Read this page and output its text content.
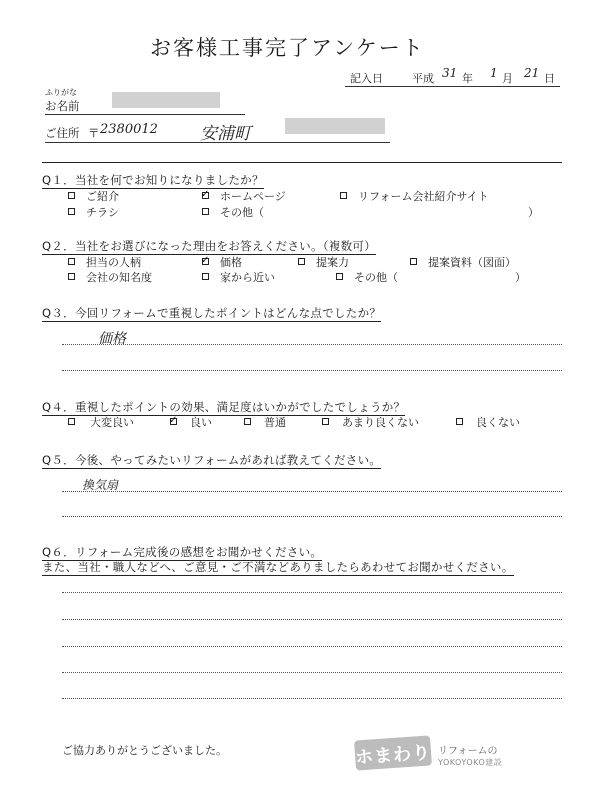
お客様工事完了アンケート
記入日	平成 31 年 1 月 21 日
ふりがな
お名前
ご住所 〒 2380012 安浦町
Q１．当社を何でお知りになりましたか？
ご紹介	✓ ホームページ	リフォーム会社紹介サイト
チラシ	その他（	）
Q２．当社をお選びになった理由をお答えください。（複数可）
担当の人柄	✓ 価格	提案力	提案資料（図面）
会社の知名度	家から近い	その他（	）
Q３．今回リフォームで重視したポイントはどんな点でしたか？
価格
Q４．重視したポイントの効果、満足度はいかがでしたでしょうか？
大変良い	✓ 良い	普通	あまり良くない	良くない
Q５．今後、やってみたいリフォームがあれば教えてください。
換気扇
Q６．リフォーム完成後の感想をお聞かせください。
また、当社・職人などへ、ご意見・ご不満などありましたらあわせてお聞かせください。
ご協力ありがとうございました。	ホまわり リフォームの
YOKOYOKO建設
